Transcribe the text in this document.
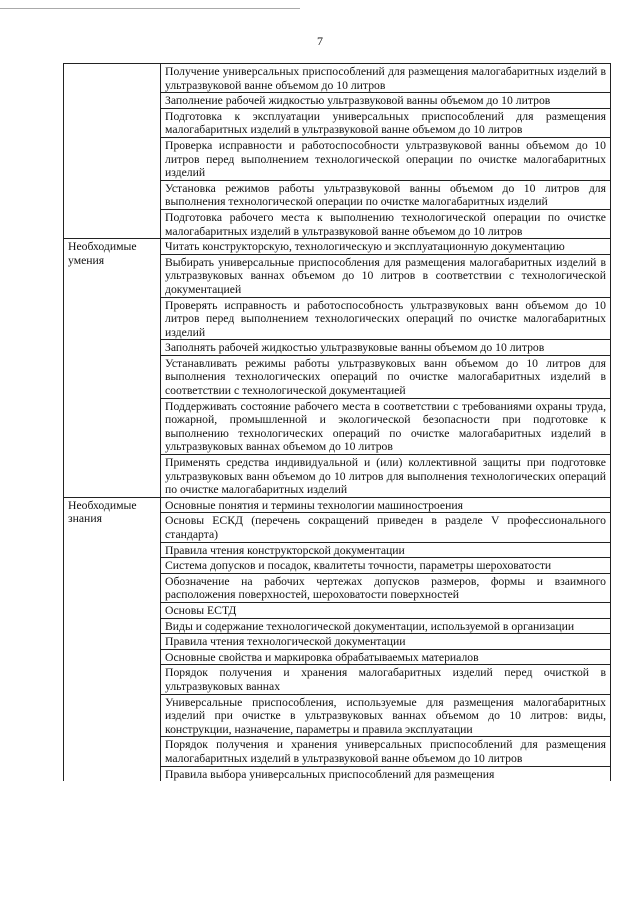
7
	Получение универсальных приспособлений для размещения малогабаритных изделий в ультразвуковой ванне объемом до 10 литров
	Заполнение рабочей жидкостью ультразвуковой ванны объемом до 10 литров
	Подготовка к эксплуатации универсальных приспособлений для размещения малогабаритных изделий в ультразвуковой ванне объемом до 10 литров
	Проверка исправности и работоспособности ультразвуковой ванны объемом до 10 литров перед выполнением технологической операции по очистке малогабаритных изделий
	Установка режимов работы ультразвуковой ванны объемом до 10 литров для выполнения технологической операции по очистке малогабаритных изделий
	Подготовка рабочего места к выполнению технологической операции по очистке малогабаритных изделий в ультразвуковой ванне объемом до 10 литров
Необходимые умения	Читать конструкторскую, технологическую и эксплуатационную документацию
	Выбирать универсальные приспособления для размещения малогабаритных изделий в ультразвуковых ваннах объемом до 10 литров в соответствии с технологической документацией
	Проверять исправность и работоспособность ультразвуковых ванн объемом до 10 литров перед выполнением технологических операций по очистке малогабаритных изделий
	Заполнять рабочей жидкостью ультразвуковые ванны объемом до 10 литров
	Устанавливать режимы работы ультразвуковых ванн объемом до 10 литров для выполнения технологических операций по очистке малогабаритных изделий в соответствии с технологической документацией
	Поддерживать состояние рабочего места в соответствии с требованиями охраны труда, пожарной, промышленной и экологической безопасности при подготовке к выполнению технологических операций по очистке малогабаритных изделий в ультразвуковых ваннах объемом до 10 литров
	Применять средства индивидуальной и (или) коллективной защиты при подготовке ультразвуковых ванн объемом до 10 литров для выполнения технологических операций по очистке малогабаритных изделий
Необходимые знания	Основные понятия и термины технологии машиностроения
	Основы ЕСКД (перечень сокращений приведен в разделе V профессионального стандарта)
	Правила чтения конструкторской документации
	Система допусков и посадок, квалитеты точности, параметры шероховатости
	Обозначение на рабочих чертежах допусков размеров, формы и взаимного расположения поверхностей, шероховатости поверхностей
	Основы ЕСТД
	Виды и содержание технологической документации, используемой в организации
	Правила чтения технологической документации
	Основные свойства и маркировка обрабатываемых материалов
	Порядок получения и хранения малогабаритных изделий перед очисткой в ультразвуковых ваннах
	Универсальные приспособления, используемые для размещения малогабаритных изделий при очистке в ультразвуковых ваннах объемом до 10 литров: виды, конструкции, назначение, параметры и правила эксплуатации
	Порядок получения и хранения универсальных приспособлений для размещения малогабаритных изделий в ультразвуковой ванне объемом до 10 литров
	Правила выбора универсальных приспособлений для размещения
